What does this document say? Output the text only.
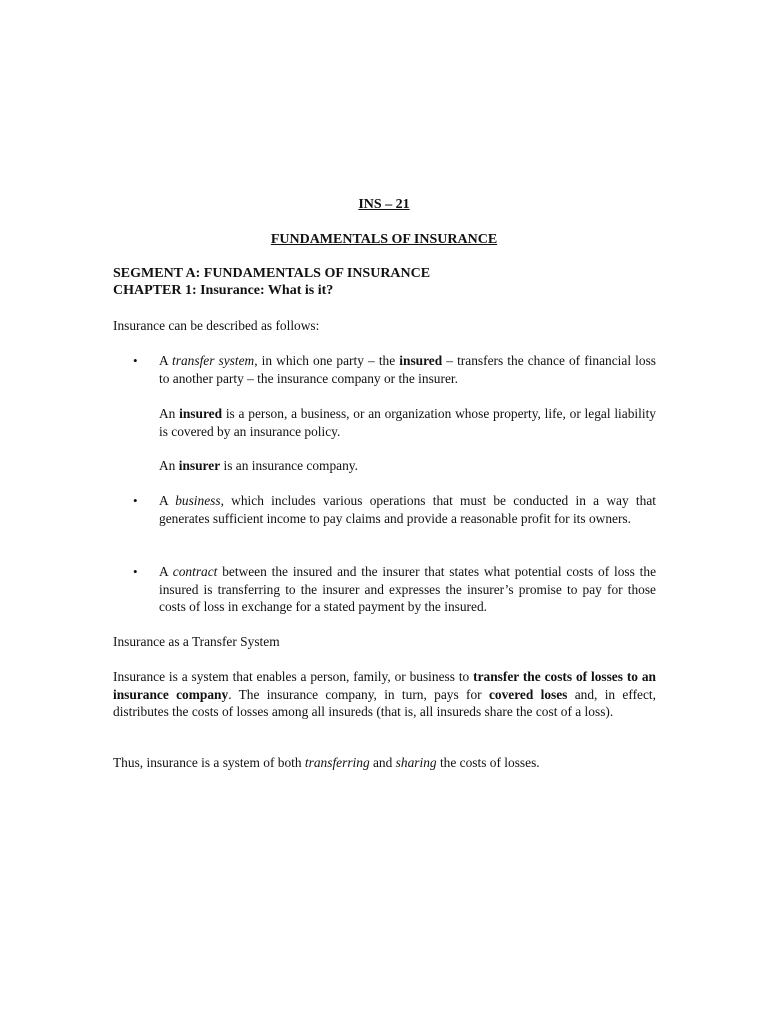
INS – 21
FUNDAMENTALS OF INSURANCE
SEGMENT A: FUNDAMENTALS OF INSURANCE
CHAPTER 1: Insurance: What is it?
Insurance can be described as follows:
• A transfer system, in which one party – the insured – transfers the chance of financial loss to another party – the insurance company or the insurer.
An insured is a person, a business, or an organization whose property, life, or legal liability is covered by an insurance policy.
An insurer is an insurance company.
• A business, which includes various operations that must be conducted in a way that generates sufficient income to pay claims and provide a reasonable profit for its owners.
• A contract between the insured and the insurer that states what potential costs of loss the insured is transferring to the insurer and expresses the insurer’s promise to pay for those costs of loss in exchange for a stated payment by the insured.
Insurance as a Transfer System
Insurance is a system that enables a person, family, or business to transfer the costs of losses to an insurance company. The insurance company, in turn, pays for covered loses and, in effect, distributes the costs of losses among all insureds (that is, all insureds share the cost of a loss).
Thus, insurance is a system of both transferring and sharing the costs of losses.
